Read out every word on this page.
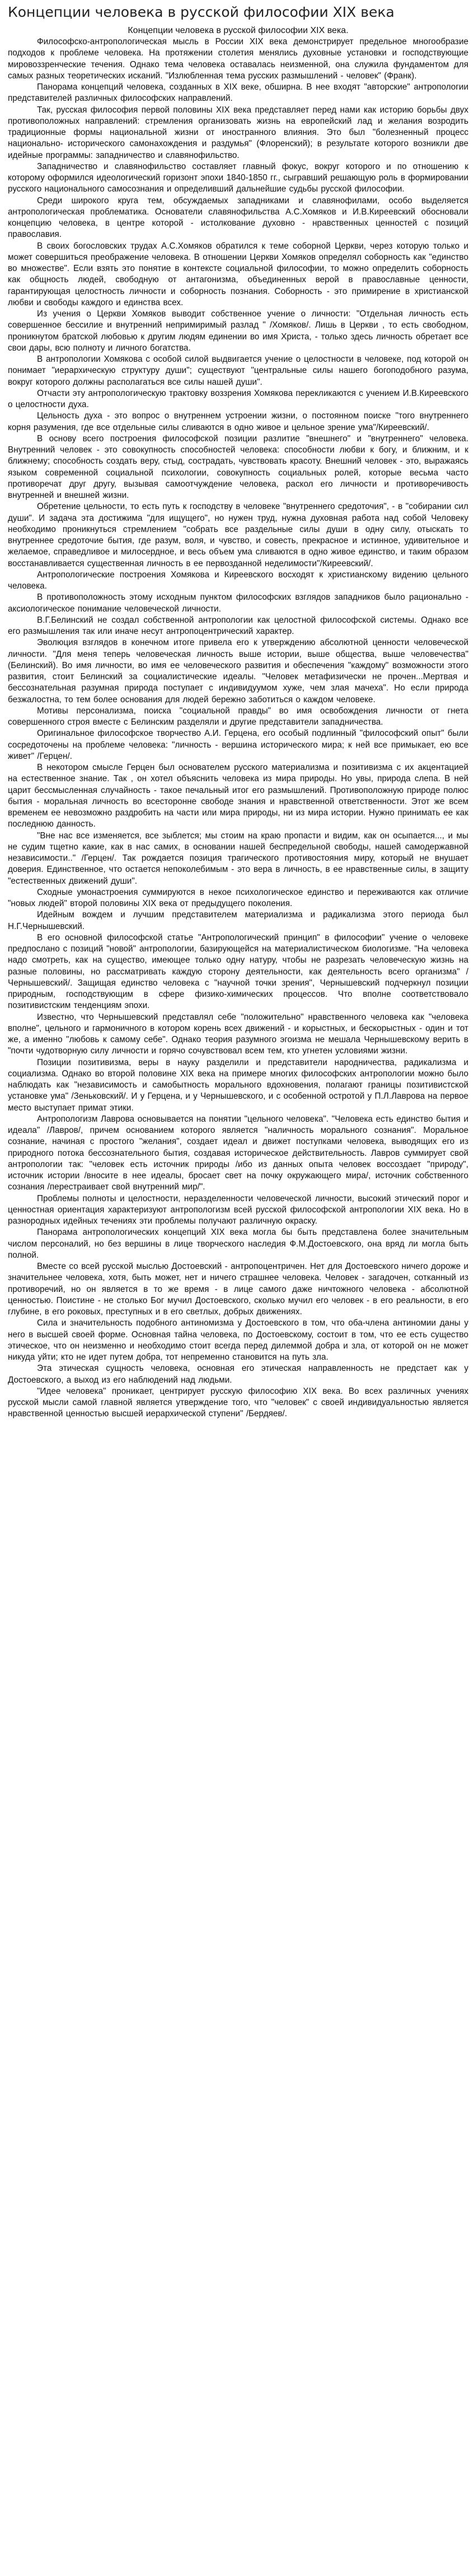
Концепции человека в русской философии XIX века
Концепции человека в русской философии XIX века.

Философско-антропологическая мысль в России XIX века демонстрирует предельное многообразие подходов к проблеме человека. На протяжении столетия менялись духовные установки и господствующие мировоззренческие течения. Однако тема человека оставалась неизменной, она служила фундаментом для самых разных теоретических исканий. "Излюбленная тема русских размышлений - человек" (Франк).

Панорама концепций человека, созданных в XIX веке, обширна. В нее входят "авторские" антропологии представителей различных философских направлений.

Так, русская философия первой половины XIX века представляет перед нами как историю борьбы двух противоположных направлений: стремления организовать жизнь на европейский лад и желания возродить традиционные формы национальной жизни от иностранного влияния. Это был "болезненный процесс национально- исторического самонахождения и раздумья" (Флоренский); в результате которого возникли две идейные программы: западничество и славянофильство.

Западничество и славянофильство составляет главный фокус, вокруг которого и по отношению к которому оформился идеологический горизонт эпохи 1840-1850 гг., сыгравший решающую роль в формировании русского национального самосознания и определивший дальнейшие судьбы русской философии.

Среди широкого круга тем, обсуждаемых западниками и славянофилами, особо выделяется антропологическая проблематика. Основатели славянофильства А.С.Хомяков и И.В.Киреевский обосновали концепцию человека, в центре которой - истолкование духовно - нравственных ценностей с позиций православия.

В своих богословских трудах А.С.Хомяков обратился к теме соборной Церкви, через которую только и может совершиться преображение человека. В отношении Церкви Хомяков определял соборность как "единство во множестве". Если взять это понятие в контексте социальной философии, то можно определить соборность как общность людей, свободную от антагонизма, объединенных верой в православные ценности, гарантирующая целостность личности и соборность познания. Соборность - это примирение в христианской любви и свободы каждого и единства всех.

Из учения о Церкви Хомяков выводит собственное учение о личности: "Отдельная личность есть совершенное бессилие и внутренний непримиримый разлад " /Хомяков/. Лишь в Церкви , то есть свободном, проникнутом братской любовью к другим людям единении во имя Христа, - только здесь личность обретает все свои дары, всю полноту и личного богатства.

В антропологии Хомякова с особой силой выдвигается учение о целостности в человеке, под которой он понимает "иерархическую структуру души"; существуют "центральные силы нашего богоподобного разума, вокруг которого должны располагаться все силы нашей души".

Отчасти эту антропологическую трактовку воззрения Хомякова перекликаются с учением И.В.Киреевского о целостности духа.

Цельность духа - это вопрос о внутреннем устроении жизни, о постоянном поиске "того внутреннего корня разумения, где все отдельные силы сливаются в одно живое и цельное зрение ума"/Киреевский/.

В основу всего построения философской позиции разлитие "внешнего" и "внутреннего" человека. Внутренний человек - это совокупность способностей человека: способности любви к богу, и ближним, и к ближнему; способность создать веру, стыд, сострадать, чувствовать красоту. Внешний человек - это, выражаясь языком современной социальной психологии, совокупность социальных ролей, которые весьма часто противоречат друг другу, вызывая самоотчуждение человека, раскол его личности и противоречивость внутренней и внешней жизни.

Обретение цельности, то есть путь к господству в человеке "внутреннего средоточия", - в "собирании сил души". И задача эта достижима "для ищущего", но нужен труд, нужна духовная работа над собой Человеку необходимо проникнуться стремлением "собрать все раздельные силы души в одну силу, отыскать то внутреннее средоточие бытия, где разум, воля, и чувство, и совесть, прекрасное и истинное, удивительное и желаемое, справедливое и милосердное, и весь объем ума сливаются в одно живое единство, и таким образом восстанавливается существенная личность в ее первозданной неделимости"/Киреевский/.

Антропологические построения Хомякова и Киреевского восходят к христианскому видению цельного человека.

В противоположность этому исходным пунктом философских взглядов западников было рационально - аксиологическое понимание человеческой личности.

В.Г.Белинский не создал собственной антропологии как целостной философской системы. Однако все его размышления так или иначе несут антропоцентрический характер.

Эволюция взглядов в конечном итоге привела его к утверждению абсолютной ценности человеческой личности. "Для меня теперь человеческая личность выше истории, выше общества, выше человечества" (Белинский). Во имя личности, во имя ее человеческого развития и обеспечения "каждому" возможности этого развития, стоит Белинский за социалистические идеалы. "Человек метафизически не прочен...Мертвая и бессознательная разумная природа поступает с индивидуумом хуже, чем злая мачеха". Но если природа безжалостна, то тем более основания для людей бережно заботиться о каждом человеке.

Мотивы персонализма, поиска "социальной правды" во имя освобождения личности от гнета совершенного строя вместе с Белинским разделяли и другие представители западничества.

Оригинальное философское творчество А.И. Герцена, его особый подлинный "философский опыт" были сосредоточены на проблеме человека: "личность - вершина исторического мира; к ней все примыкает, ею все живет" /Герцен/.

В некотором смысле Герцен был основателем русского материализма и позитивизма с их акцентацией на естественное знание. Так , он хотел объяснить человека из мира природы. Но увы, природа слепа. В ней царит бессмысленная случайность - такое печальный итог его размышлений. Противоположную природе полюс бытия - моральная личность во всесторонне свободе знания и нравственной ответственности. Этот же всем временем ее невозможно раздробить на части или мира природы, ни из мира истории. Нужно принимать ее как последнюю данность.

"Вне нас все изменяется, все зыблется; мы стоим на краю пропасти и видим, как он осыпается..., и мы не судим тщетно какие, как в нас самих, в основании нашей беспредельной свободы, нашей самодержавной независимости.." /Герцен/. Так рождается позиция трагического противостояния миру, который не внушает доверия. Единственное, что остается непоколебимым - это вера в личность, в ее нравственные силы, в защиту "естественных движений души".

Сходные умонастроения суммируются в некое психологическое единство и переживаются как отличие "новых людей" второй половины XIX века от предыдущего поколения.

Идейным вождем и лучшим представителем материализма и радикализма этого периода был Н.Г.Чернышевский.

В его основной философской статье "Антропологический принцип" в философии" учение о человеке предпослано с позиций "новой" антропологии, базирующейся на материалистическом биологизме. "На человека надо смотреть, как на существо, имеющее только одну натуру, чтобы не разрезать человеческую жизнь на разные половины, но рассматривать каждую сторону деятельности, как деятельность всего организма" /Чернышевский/. Защищая единство человека с "научной точки зрения", Чернышевский подчеркнул позиции природным, господствующим в сфере физико-химических процессов. Что вполне соответствовало позитивистским тенденциям эпохи.

Известно, что Чернышевский представлял себе "положительно" нравственного человека как "человека вполне", цельного и гармоничного в котором корень всех движений - и корыстных, и бескорыстных - один и тот же, а именно "любовь к самому себе". Однако теория разумного эгоизма не мешала Чернышевскому верить в "почти чудотворную силу личности и горячо сочувствовал всем тем, кто угнетен условиями жизни.

Позиции позитивизма, веры в науку разделили и представители народничества, радикализма и социализма. Однако во второй половине XIX века на примере многих философских антропологии можно было наблюдать как "независимость и самобытность морального вдохновения, полагают границы позитивистской установке ума" /Зеньковский/. И у Герцена, и у Чернышевского, и с особенной остротой у П.Л.Лаврова на первое место выступает примат этики.

Антропологизм Лаврова основывается на понятии "цельного человека". "Человека есть единство бытия и идеала" /Лавров/, причем основанием которого является "наличность морального сознания". Моральное сознание, начиная с простого "желания", создает идеал и движет поступками человека, выводящих его из природного потока бессознательного бытия, создавая историческое действительность. Лавров суммирует свой антропологии так: "человек есть источник природы /ибо из данных опыта человек воссоздает "природу", источник истории /вносите в нее идеалы, бросает свет на почку окружающего мира/, источник собственного сознания /перестраивает свой внутренний мир/".

Проблемы полноты и целостности, неразделенности человеческой личности, высокий этический порог и ценностная ориентация характеризуют антропологизм всей русской философской антропологии XIX века. Но в разнородных идейных течениях эти проблемы получают различную окраску.

Панорама антропологических концепций XIX века могла бы быть представлена более значительным числом персоналий, но без вершины в лице творческого наследия Ф.М.Достоевского, она вряд ли могла быть полной.

Вместе со всей русской мыслью Достоевский - антропоцентричен. Нет для Достоевского ничего дороже и значительнее человека, хотя, быть может, нет и ничего страшнее человека. Человек - загадочен, сотканный из противоречий, но он является в то же время - в лице самого даже ничтожного человека - абсолютной ценностью. Поистине - не столько Бог мучил Достоевского, сколько мучил его человек - в его реальности, в его глубине, в его роковых, преступных и в его светлых, добрых движениях.

Сила и значительность подобного антиномизма у Достоевского в том, что оба-члена антиномии даны у него в высшей своей форме. Основная тайна человека, по Достоевскому, состоит в том, что ее есть существо этическое, что он неизменно и необходимо стоит всегда перед дилеммой добра и зла, от которой он не может никуда уйти; кто не идет путем добра, тот непременно становится на путь зла.

Эта этическая сущность человека, основная его этическая направленность не предстает как у Достоевского, а выход из его наблюдений над людьми.

"Идее человека" проникает, центрирует русскую философию XIX века. Во всех различных учениях русской мысли самой главной является утверждение того, что "человек" с своей индивидуальностью является нравственной ценностью высшей иерархической ступени" /Бердяев/.
